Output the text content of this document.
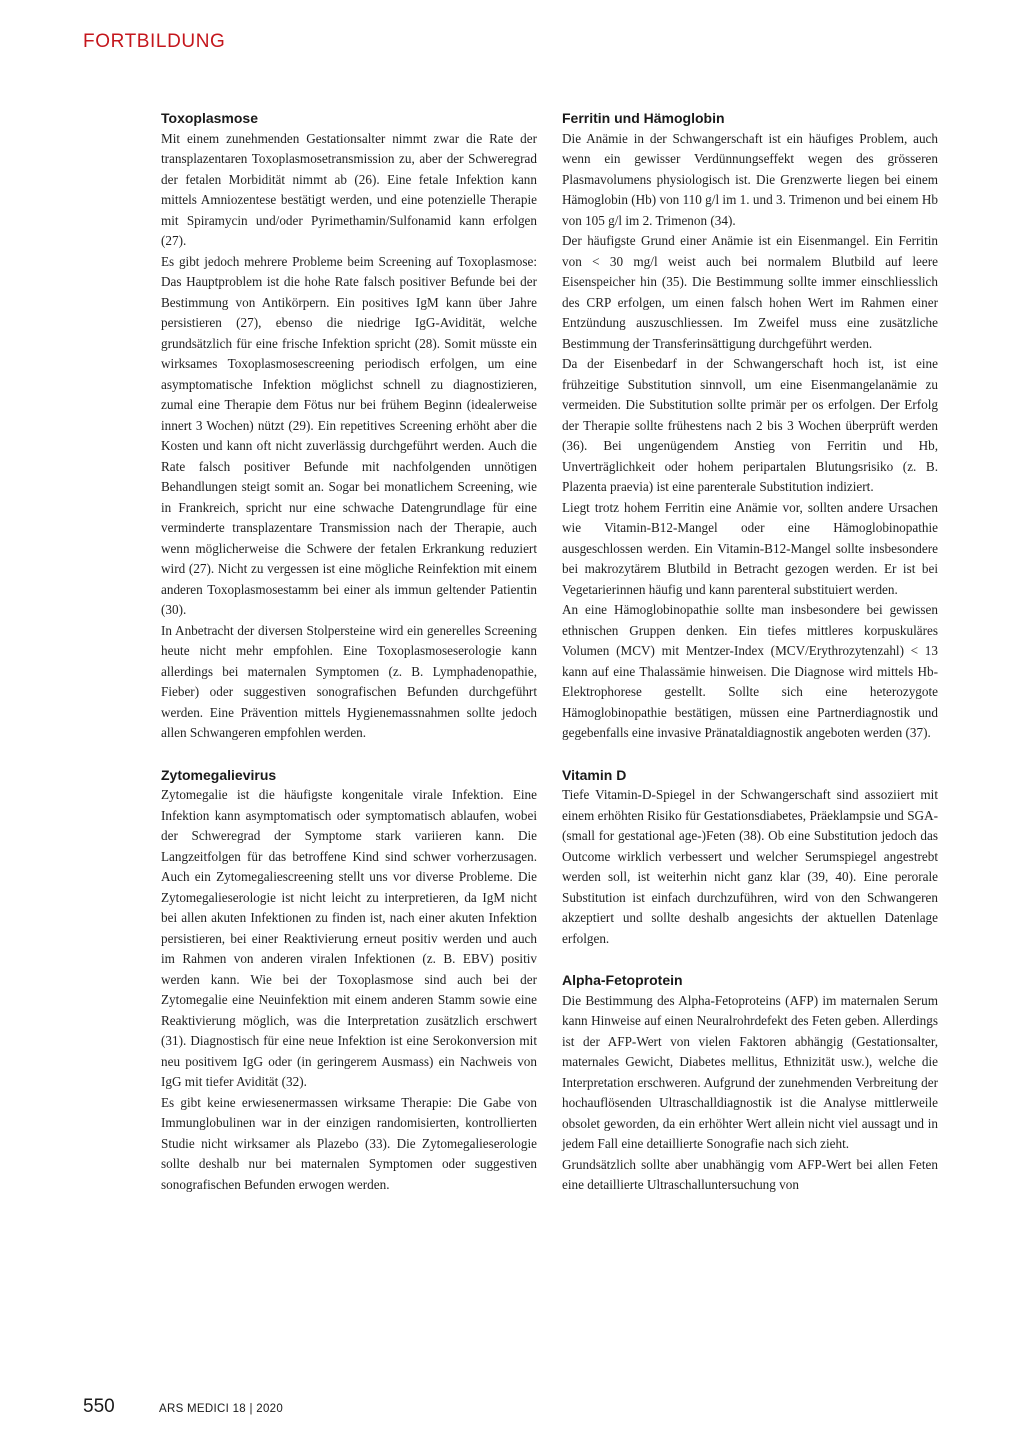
FORTBILDUNG
Toxoplasmose

Mit einem zunehmenden Gestationsalter nimmt zwar die Rate der transplazentaren Toxoplasmosetransmission zu, aber der Schweregrad der fetalen Morbidität nimmt ab (26). Eine fetale Infektion kann mittels Amniozentese bestätigt werden, und eine potenzielle Therapie mit Spiramycin und/oder Pyrimethamin/Sulfonamid kann erfolgen (27).

Es gibt jedoch mehrere Probleme beim Screening auf Toxoplasmose: Das Hauptproblem ist die hohe Rate falsch positiver Befunde bei der Bestimmung von Antikörpern. Ein positives IgM kann über Jahre persistieren (27), ebenso die niedrige IgG-Avidität, welche grundsätzlich für eine frische Infektion spricht (28). Somit müsste ein wirksames Toxoplasmosescreening periodisch erfolgen, um eine asymptomatische Infektion möglichst schnell zu diagnostizieren, zumal eine Therapie dem Fötus nur bei frühem Beginn (idealerweise innert 3 Wochen) nützt (29). Ein repetitives Screening erhöht aber die Kosten und kann oft nicht zuverlässig durchgeführt werden. Auch die Rate falsch positiver Befunde mit nachfolgenden unnötigen Behandlungen steigt somit an. Sogar bei monatlichem Screening, wie in Frankreich, spricht nur eine schwache Datengrundlage für eine verminderte transplazentare Transmission nach der Therapie, auch wenn möglicherweise die Schwere der fetalen Erkrankung reduziert wird (27). Nicht zu vergessen ist eine mögliche Reinfektion mit einem anderen Toxoplasmosestamm bei einer als immun geltender Patientin (30).

In Anbetracht der diversen Stolpersteine wird ein generelles Screening heute nicht mehr empfohlen. Eine Toxoplasmoseserologie kann allerdings bei maternalen Symptomen (z. B. Lymphadenopathie, Fieber) oder suggestiven sonografischen Befunden durchgeführt werden. Eine Prävention mittels Hygienemassnahmen sollte jedoch allen Schwangeren empfohlen werden.

Zytomegalievirus

Zytomegalie ist die häufigste kongenitale virale Infektion. Eine Infektion kann asymptomatisch oder symptomatisch ablaufen, wobei der Schweregrad der Symptome stark variieren kann. Die Langzeitfolgen für das betroffene Kind sind schwer vorherzusagen. Auch ein Zytomegaliescreening stellt uns vor diverse Probleme. Die Zytomegalieserologie ist nicht leicht zu interpretieren, da IgM nicht bei allen akuten Infektionen zu finden ist, nach einer akuten Infektion persistieren, bei einer Reaktivierung erneut positiv werden und auch im Rahmen von anderen viralen Infektionen (z. B. EBV) positiv werden kann. Wie bei der Toxoplasmose sind auch bei der Zytomegalie eine Neuinfektion mit einem anderen Stamm sowie eine Reaktivierung möglich, was die Interpretation zusätzlich erschwert (31). Diagnostisch für eine neue Infektion ist eine Serokonversion mit neu positivem IgG oder (in geringerem Ausmass) ein Nachweis von IgG mit tiefer Avidität (32).

Es gibt keine erwiesenermassen wirksame Therapie: Die Gabe von Immunglobulinen war in der einzigen randomisierten, kontrollierten Studie nicht wirksamer als Plazebo (33). Die Zytomegalieserologie sollte deshalb nur bei maternalen Symptomen oder suggestiven sonografischen Befunden erwogen werden.

Ferritin und Hämoglobin

Die Anämie in der Schwangerschaft ist ein häufiges Problem, auch wenn ein gewisser Verdünnungseffekt wegen des grösseren Plasmavolumens physiologisch ist. Die Grenzwerte liegen bei einem Hämoglobin (Hb) von 110 g/l im 1. und 3. Trimenon und bei einem Hb von 105 g/l im 2. Trimenon (34).

Der häufigste Grund einer Anämie ist ein Eisenmangel. Ein Ferritin von < 30 mg/l weist auch bei normalem Blutbild auf leere Eisenspeicher hin (35). Die Bestimmung sollte immer einschliesslich des CRP erfolgen, um einen falsch hohen Wert im Rahmen einer Entzündung auszuschliessen. Im Zweifel muss eine zusätzliche Bestimmung der Transferinsättigung durchgeführt werden.

Da der Eisenbedarf in der Schwangerschaft hoch ist, ist eine frühzeitige Substitution sinnvoll, um eine Eisenmangelanämie zu vermeiden. Die Substitution sollte primär per os erfolgen. Der Erfolg der Therapie sollte frühestens nach 2 bis 3 Wochen überprüft werden (36). Bei ungenügendem Anstieg von Ferritin und Hb, Unverträglichkeit oder hohem peripartalen Blutungsrisiko (z. B. Plazenta praevia) ist eine parenterale Substitution indiziert.

Liegt trotz hohem Ferritin eine Anämie vor, sollten andere Ursachen wie Vitamin-B12-Mangel oder eine Hämoglobinopathie ausgeschlossen werden. Ein Vitamin-B12-Mangel sollte insbesondere bei makrozytärem Blutbild in Betracht gezogen werden. Er ist bei Vegetarierinnen häufig und kann parenteral substituiert werden.

An eine Hämoglobinopathie sollte man insbesondere bei gewissen ethnischen Gruppen denken. Ein tiefes mittleres korpuskuläres Volumen (MCV) mit Mentzer-Index (MCV/Erythrozytenzahl) < 13 kann auf eine Thalassämie hinweisen. Die Diagnose wird mittels Hb-Elektrophorese gestellt. Sollte sich eine heterozygote Hämoglobinopathie bestätigen, müssen eine Partnerdiagnostik und gegebenfalls eine invasive Pränataldiagnostik angeboten werden (37).

Vitamin D

Tiefe Vitamin-D-Spiegel in der Schwangerschaft sind assoziiert mit einem erhöhten Risiko für Gestationsdiabetes, Präeklampsie und SGA-(small for gestational age-)Feten (38). Ob eine Substitution jedoch das Outcome wirklich verbessert und welcher Serumspiegel angestrebt werden soll, ist weiterhin nicht ganz klar (39, 40). Eine perorale Substitution ist einfach durchzuführen, wird von den Schwangeren akzeptiert und sollte deshalb angesichts der aktuellen Datenlage erfolgen.

Alpha-Fetoprotein

Die Bestimmung des Alpha-Fetoproteins (AFP) im maternalen Serum kann Hinweise auf einen Neuralrohrdefekt des Feten geben. Allerdings ist der AFP-Wert von vielen Faktoren abhängig (Gestationsalter, maternales Gewicht, Diabetes mellitus, Ethnizität usw.), welche die Interpretation erschweren. Aufgrund der zunehmenden Verbreitung der hochauflösenden Ultraschalldiagnostik ist die Analyse mittlerweile obsolet geworden, da ein erhöhter Wert allein nicht viel aussagt und in jedem Fall eine detaillierte Sonografie nach sich zieht.

Grundsätzlich sollte aber unabhängig vom AFP-Wert bei allen Feten eine detaillierte Ultraschalluntersuchung von

550	ARS MEDICI 18 | 2020
